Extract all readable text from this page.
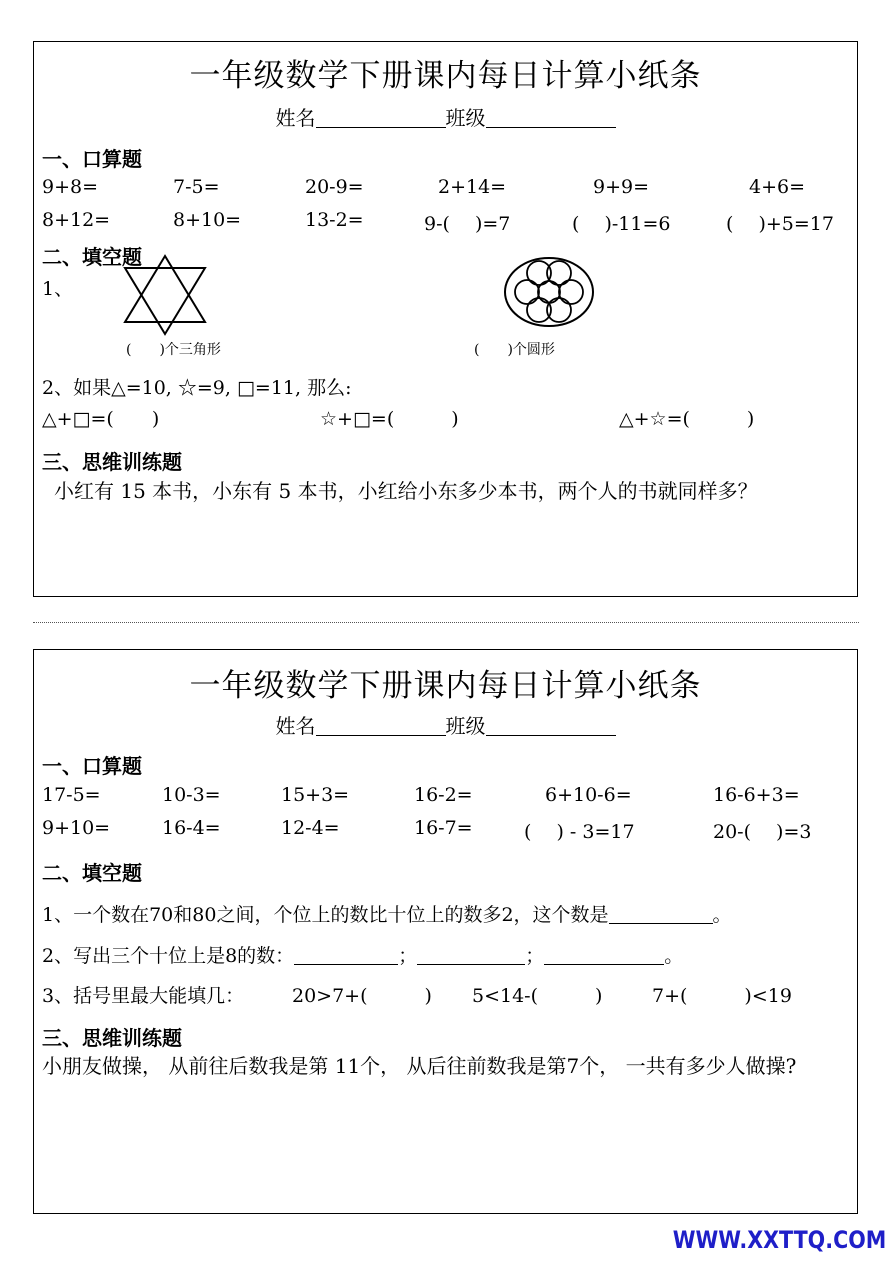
一年级数学下册课内每日计算小纸条
姓名	班级
一、口算题
9+8=	7-5=	20-9=	2+14=	9+9=	4+6=
8+12=	8+10=	13-2=	9-(　 )=7	(　 )-11=6	(　 )+5=17
二、填空题
1、
(　　)个三角形	(　　)个圆形
2、如果△=10, ☆=9, □=11, 那么:
△+□=(　　)	☆+□=(　　　)	△+☆=(　　　)
三、思维训练题
小红有 15 本书，小东有 5 本书，小红给小东多少本书，两个人的书就同样多？
一年级数学下册课内每日计算小纸条
姓名	班级
一、口算题
17-5=	10-3=	15+3=	16-2=	6+10-6=	16-6+3=
9+10=	16-4=	12-4=	16-7=	(　 ) - 3=17	20-(　 )=3
二、填空题
1、一个数在70和80之间，个位上的数比十位上的数多2，这个数是	。
2、写出三个十位上是8的数：	；	；	。
3、括号里最大能填几：	20>7+(　　　) 5<14-(　　　)	7+(　　　)<19
三、思维训练题
小朋友做操， 从前往后数我是第 11个， 从后往前数我是第7个， 一共有多少人做操?
WWW.XXTTQ.COM
